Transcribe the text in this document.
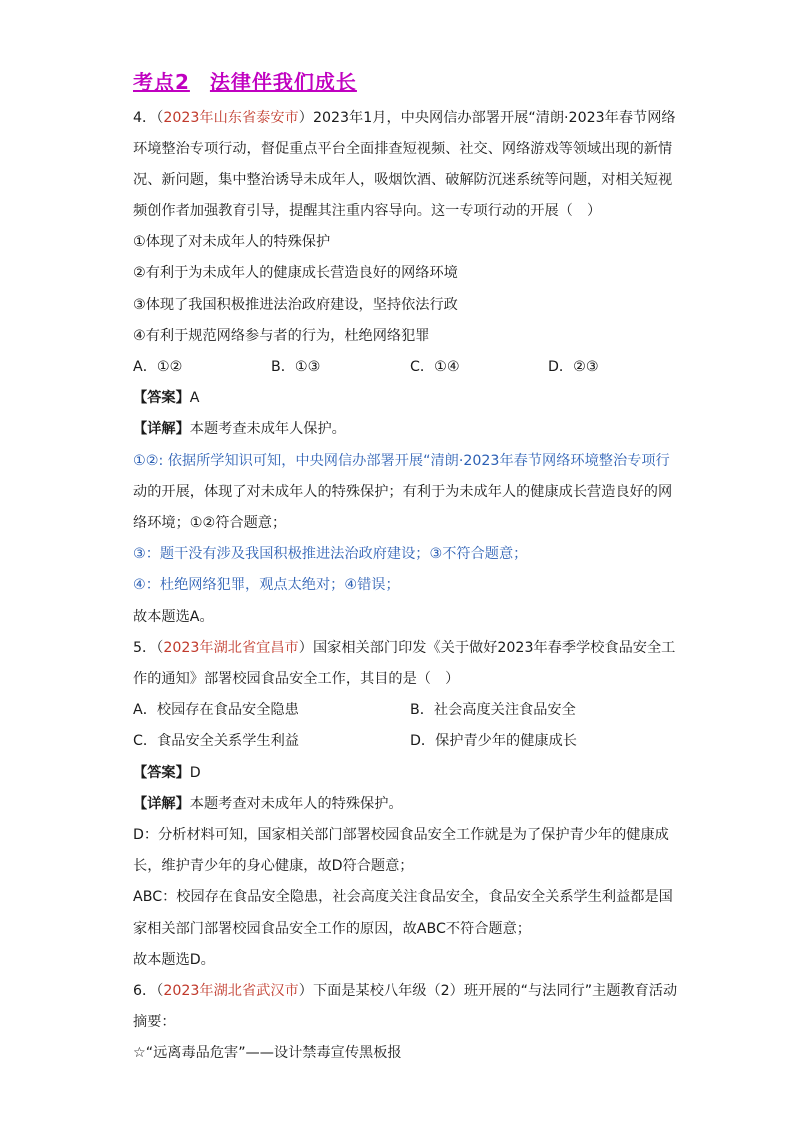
考点2 法律伴我们成长
4．（2023年山东省泰安市）2023年1月，中央网信办部署开展“清朗·2023年春节网络
环境整治专项行动，督促重点平台全面排查短视频、社交、网络游戏等领域出现的新情
况、新问题，集中整治诱导未成年人，吸烟饮酒、破解防沉迷系统等问题，对相关短视
频创作者加强教育引导，提醒其注重内容导向。这一专项行动的开展（　）
①体现了对未成年人的特殊保护
②有利于为未成年人的健康成长营造良好的网络环境
③体现了我国积极推进法治政府建设，坚持依法行政
④有利于规范网络参与者的行为，杜绝网络犯罪
A．①②	B．①③	C．①④	D．②③
【答案】A
【详解】本题考查未成年人保护。
①②: 依据所学知识可知，中央网信办部署开展“清朗·2023年春节网络环境整治专项行
动的开展，体现了对未成年人的特殊保护；有利于为未成年人的健康成长营造良好的网
络环境；①②符合题意；
③：题干没有涉及我国积极推进法治政府建设；③不符合题意；
④：杜绝网络犯罪，观点太绝对；④错误；
故本题选A。
5．（2023年湖北省宜昌市）国家相关部门印发《关于做好2023年春季学校食品安全工
作的通知》部署校园食品安全工作，其目的是（　）
A．校园存在食品安全隐患	B．社会高度关注食品安全
C．食品安全关系学生利益	D．保护青少年的健康成长
【答案】D
【详解】本题考查对未成年人的特殊保护。
D：分析材料可知，国家相关部门部署校园食品安全工作就是为了保护青少年的健康成
长，维护青少年的身心健康，故D符合题意；
ABC：校园存在食品安全隐患，社会高度关注食品安全，食品安全关系学生利益都是国
家相关部门部署校园食品安全工作的原因，故ABC不符合题意；
故本题选D。
6．（2023年湖北省武汉市）下面是某校八年级（2）班开展的“与法同行”主题教育活动
摘要：
☆“远离毒品危害”——设计禁毒宣传黑板报
